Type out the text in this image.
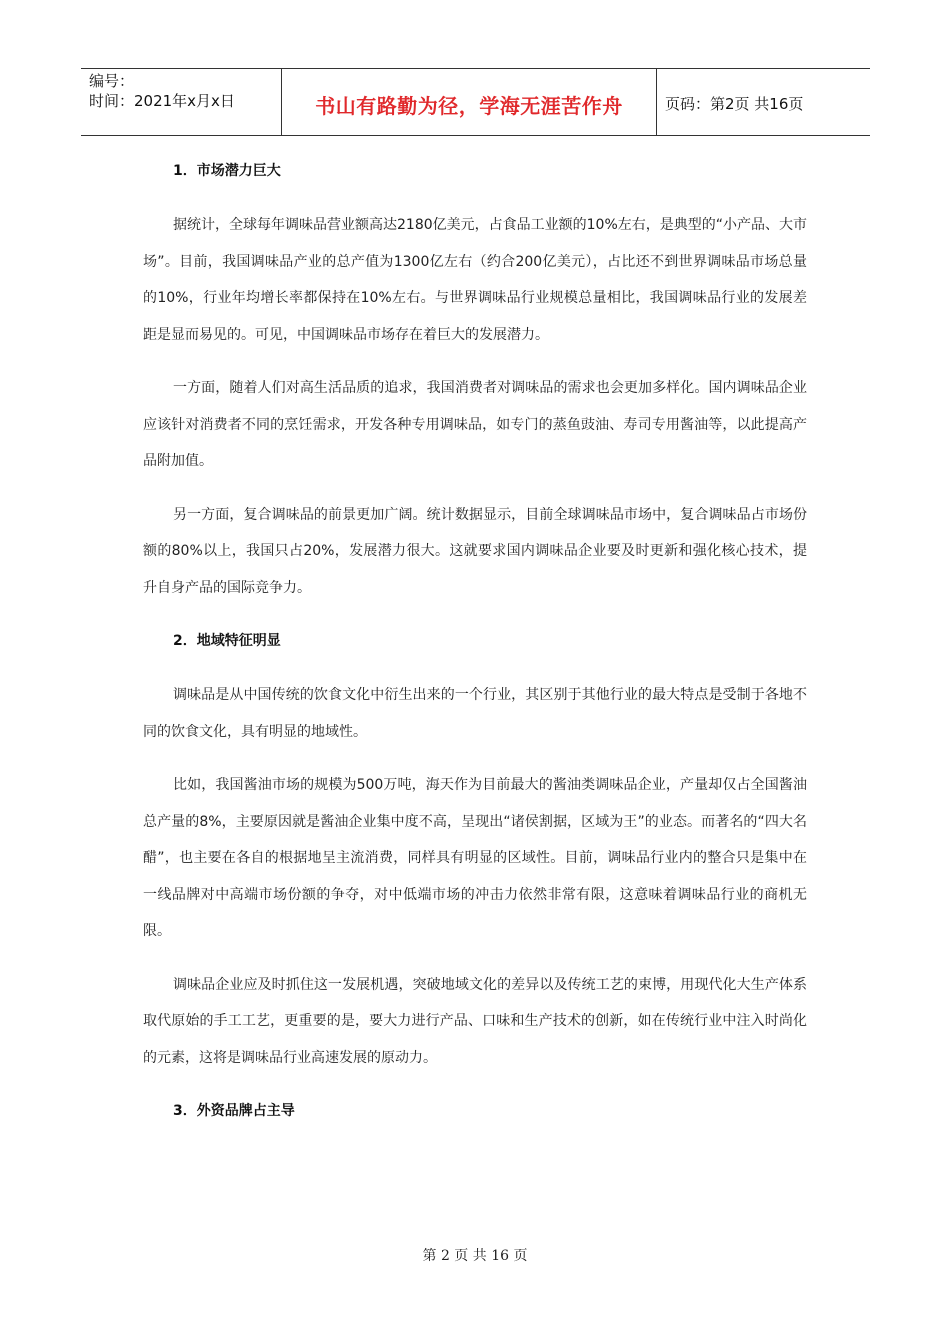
编号：
时间：2021年x月x日	书山有路勤为径，学海无涯苦作舟	页码：第2页 共16页
1．市场潜力巨大

据统计，全球每年调味品营业额高达2180亿美元，占食品工业额的10%左右，是典型的“小产品、大市场”。目前，我国调味品产业的总产值为1300亿左右（约合200亿美元），占比还不到世界调味品市场总量的10%，行业年均增长率都保持在10%左右。与世界调味品行业规模总量相比，我国调味品行业的发展差距是显而易见的。可见，中国调味品市场存在着巨大的发展潜力。

一方面，随着人们对高生活品质的追求，我国消费者对调味品的需求也会更加多样化。国内调味品企业应该针对消费者不同的烹饪需求，开发各种专用调味品，如专门的蒸鱼豉油、寿司专用酱油等，以此提高产品附加值。

另一方面，复合调味品的前景更加广阔。统计数据显示，目前全球调味品市场中，复合调味品占市场份额的80%以上，我国只占20%，发展潜力很大。这就要求国内调味品企业要及时更新和强化核心技术，提升自身产品的国际竞争力。

2．地域特征明显

调味品是从中国传统的饮食文化中衍生出来的一个行业，其区别于其他行业的最大特点是受制于各地不同的饮食文化，具有明显的地域性。

比如，我国酱油市场的规模为500万吨，海天作为目前最大的酱油类调味品企业，产量却仅占全国酱油总产量的8%，主要原因就是酱油企业集中度不高，呈现出“诸侯割据，区域为王”的业态。而著名的“四大名醋”，也主要在各自的根据地呈主流消费，同样具有明显的区域性。目前，调味品行业内的整合只是集中在一线品牌对中高端市场份额的争夺，对中低端市场的冲击力依然非常有限，这意味着调味品行业的商机无限。

调味品企业应及时抓住这一发展机遇，突破地域文化的差异以及传统工艺的束博，用现代化大生产体系取代原始的手工工艺，更重要的是，要大力进行产品、口味和生产技术的创新，如在传统行业中注入时尚化的元素，这将是调味品行业高速发展的原动力。

3．外资品牌占主导
第 2 页 共 16 页
